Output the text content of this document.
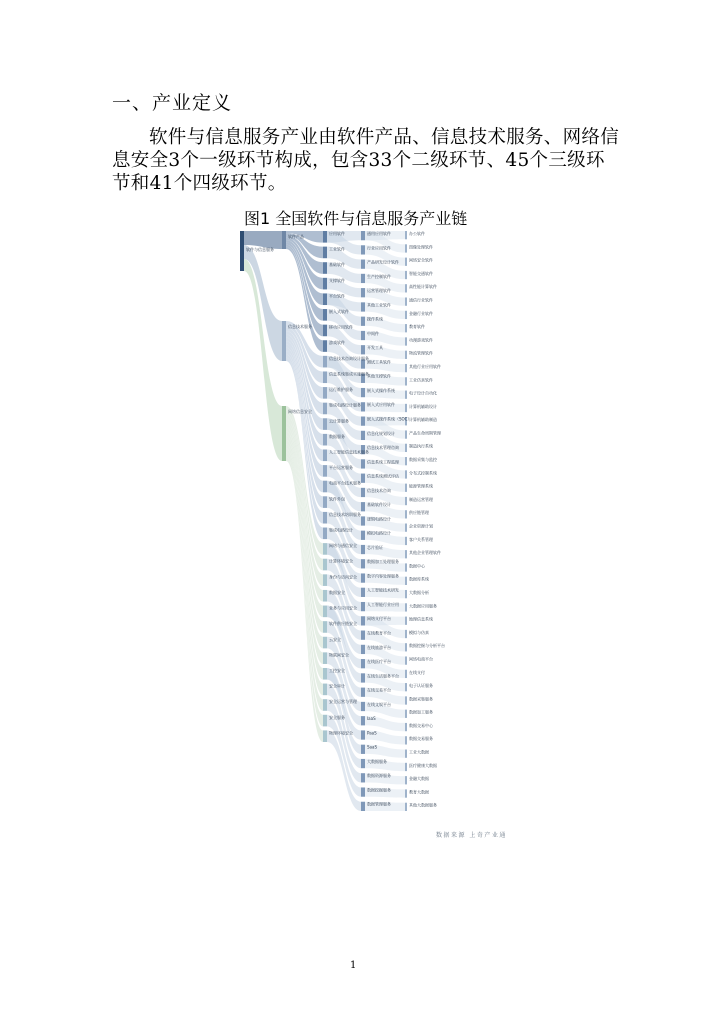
一、产业定义

软件与信息服务产业由软件产品、信息技术服务、网络信息安全3个一级环节构成，包含33个二级环节、45个三级环节和41个四级环节。

图1 全国软件与信息服务产业链
软件与信息服务
软件产品
信息技术服务
网络信息安全
应用软件
工业软件
基础软件
支撑软件
平台软件
嵌入式软件
移动应用软件
游戏软件
信息技术咨询设计服务
信息系统集成实施服务
运行维护服务
集成电路设计服务
云计算服务
数据服务
人工智能信息技术服务
平台运营服务
电商平台技术服务
软件外包
信息技术培训服务
集成电路设计
网络与通信安全
计算环境安全
身份与访问安全
数据安全
业务与应用安全
软件供应链安全
云安全
物联网安全
工控安全
安全审计
安全运营与管理
安全服务
物理环境安全
通用应用软件
行业应用软件
产品研发设计软件
生产控制软件
运营管理软件
其他工业软件
操作系统
中间件
开发工具
测试工具软件
其他支撑软件
嵌入式操作系统
嵌入式应用软件
嵌入式操作系统（SOC）
信息化规划设计
信息技术管理咨询
信息系统工程监理
信息系统测试评估
信息技术咨询
基础软件设计
逻辑电路设计
模拟电路设计
芯片验证
数据加工处理服务
数字内容处理服务
人工智能技术研发
人工智能行业应用
网络支付平台
在线教育平台
在线旅游平台
在线医疗平台
在线生活服务平台
在线交易平台
在线文娱平台
IaaS
PaaS
SaaS
大数据服务
数据资源服务
数据挖掘服务
数据管理服务
办公软件
图像处理软件
网络安全软件
智能交通软件
高性能计算软件
通信行业软件
金融行业软件
教育软件
动漫游戏软件
物流管理软件
其他行业应用软件
工业仿真软件
电子设计自动化
计算机辅助设计
计算机辅助制造
产品生命周期管理
制造执行系统
数据采集与监控
分布式控制系统
能源管理系统
制造运营管理
供应链管理
企业资源计划
客户关系管理
其他企业管理软件
数据中心
数据库系统
大数据分析
大数据应用服务
地理信息系统
模拟与仿真
数据挖掘与分析平台
网络电商平台
在线支付
电子认证服务
数据采集服务
数据加工服务
数据交易中心
数据交易服务
工业大数据
医疗健康大数据
金融大数据
教育大数据
其他大数据服务
数据来源 上奇产业通
1
